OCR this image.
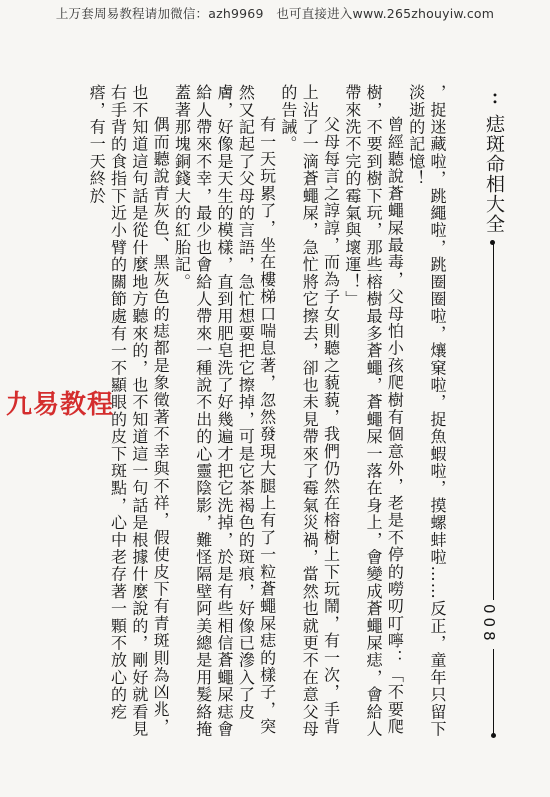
上万套周易教程请加微信：azh9969　也可直接进入www.265zhouyiw.com
••
痣斑命相大全
008

，捉迷藏啦，跳繩啦，跳圈圈啦，爙窠啦，捉魚蝦啦，摸螺蚌啦……反正，童年只留下淡逝的記憶！

曾經聽說蒼蠅屎最毒，父母怕小孩爬樹有個意外，老是不停的嘮叨叮嚀：「不要爬樹，不要到樹下玩，那些榕樹最多蒼蠅，蒼蠅屎一落在身上，會變成蒼蠅屎痣，會給人帶來洗不完的霉氣與壞運！」

父母每言之諄諄，而為子女則聽之藐藐，我們仍然在榕樹上下玩鬧，有一次，手背上沾了一滴蒼蠅屎，急忙將它擦去，卻也未見帶來了霉氣災禍，當然也就更不在意父母的告誡。

有一天玩累了，坐在樓梯口喘息著，忽然發現大腿上有了一粒蒼蠅屎痣的樣子，突然又記起了父母的言語，急忙想要把它擦掉，可是它茶褐色的斑痕，好像已滲入了皮膚，好像是天生的模樣，直到用肥皂洗了好幾遍才把它洗掉，於是有些相信蒼蠅屎痣會給人帶來不幸，最少也會給人帶來一種說不出的心靈陰影，難怪隔壁阿美總是用髮絡掩蓋著那塊銅錢大的紅胎記。

偶而聽說青灰色、黑灰色的痣都是象徵著不幸與不祥，假使皮下有青斑則為凶兆，也不知道這句話是從什麼地方聽來的，也不知道這一句話是根據什麼說的，剛好就看見右手背的食指下近小臂的關節處有一不顯眼的皮下斑點，心中老存著一顆不放心的疙瘩，有一天終於

九易教程
